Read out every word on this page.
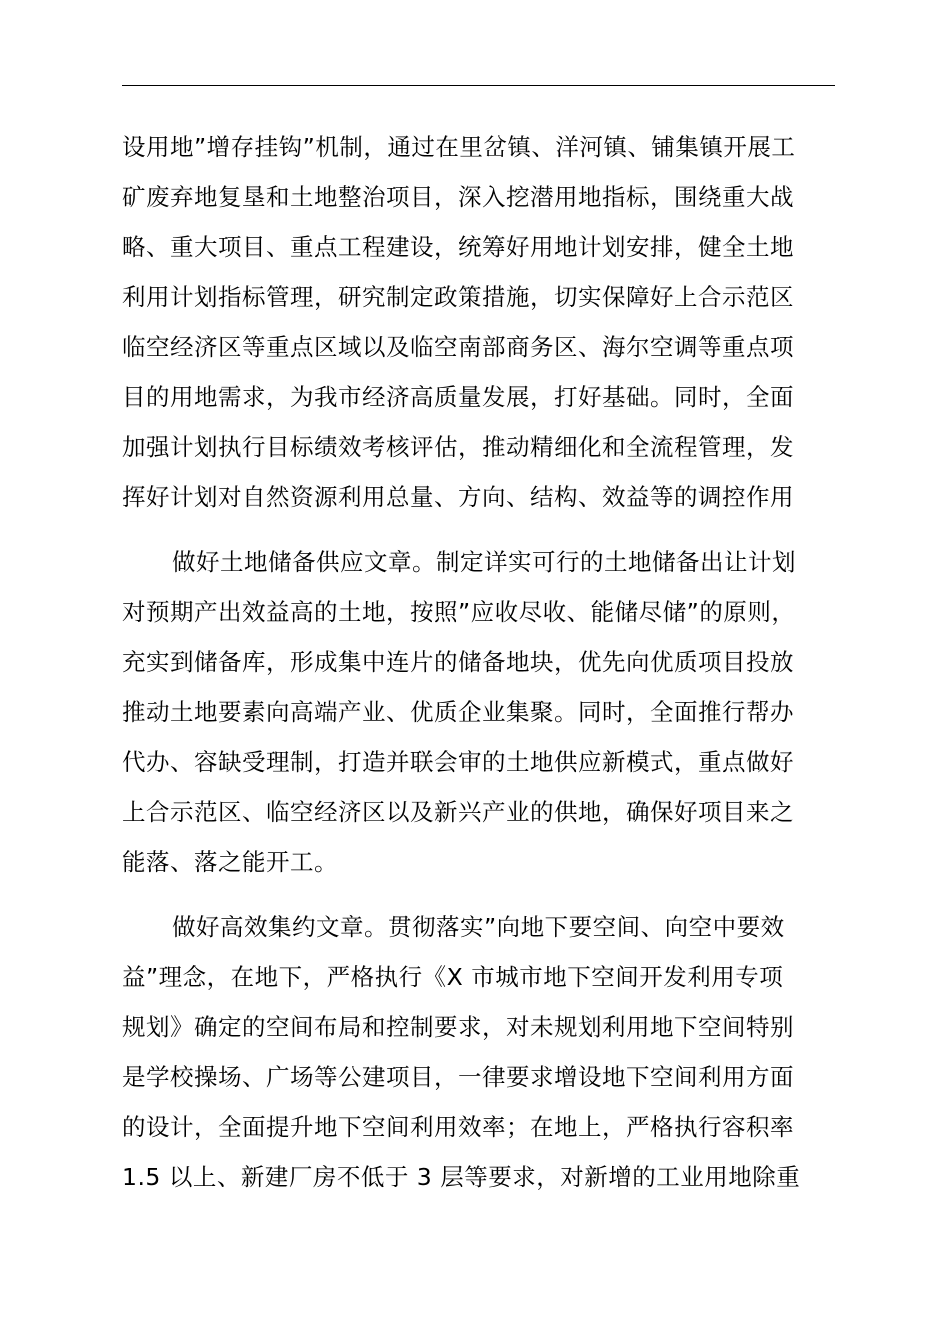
设用地”增存挂钩”机制，通过在里岔镇、洋河镇、铺集镇开展工
矿废弃地复垦和土地整治项目，深入挖潜用地指标，围绕重大战
略、重大项目、重点工程建设，统筹好用地计划安排，健全土地
利用计划指标管理，研究制定政策措施，切实保障好上合示范区
临空经济区等重点区域以及临空南部商务区、海尔空调等重点项
目的用地需求，为我市经济高质量发展，打好基础。同时，全面
加强计划执行目标绩效考核评估，推动精细化和全流程管理，发
挥好计划对自然资源利用总量、方向、结构、效益等的调控作用
做好土地储备供应文章。制定详实可行的土地储备出让计划
对预期产出效益高的土地，按照”应收尽收、能储尽储”的原则，
充实到储备库，形成集中连片的储备地块，优先向优质项目投放
推动土地要素向高端产业、优质企业集聚。同时，全面推行帮办
代办、容缺受理制，打造并联会审的土地供应新模式，重点做好
上合示范区、临空经济区以及新兴产业的供地，确保好项目来之
能落、落之能开工。
做好高效集约文章。贯彻落实”向地下要空间、向空中要效
益”理念，在地下，严格执行《X 市城市地下空间开发利用专项
规划》确定的空间布局和控制要求，对未规划利用地下空间特别
是学校操场、广场等公建项目，一律要求增设地下空间利用方面
的设计，全面提升地下空间利用效率；在地上，严格执行容积率
1.5 以上、新建厂房不低于 3 层等要求，对新增的工业用地除重
